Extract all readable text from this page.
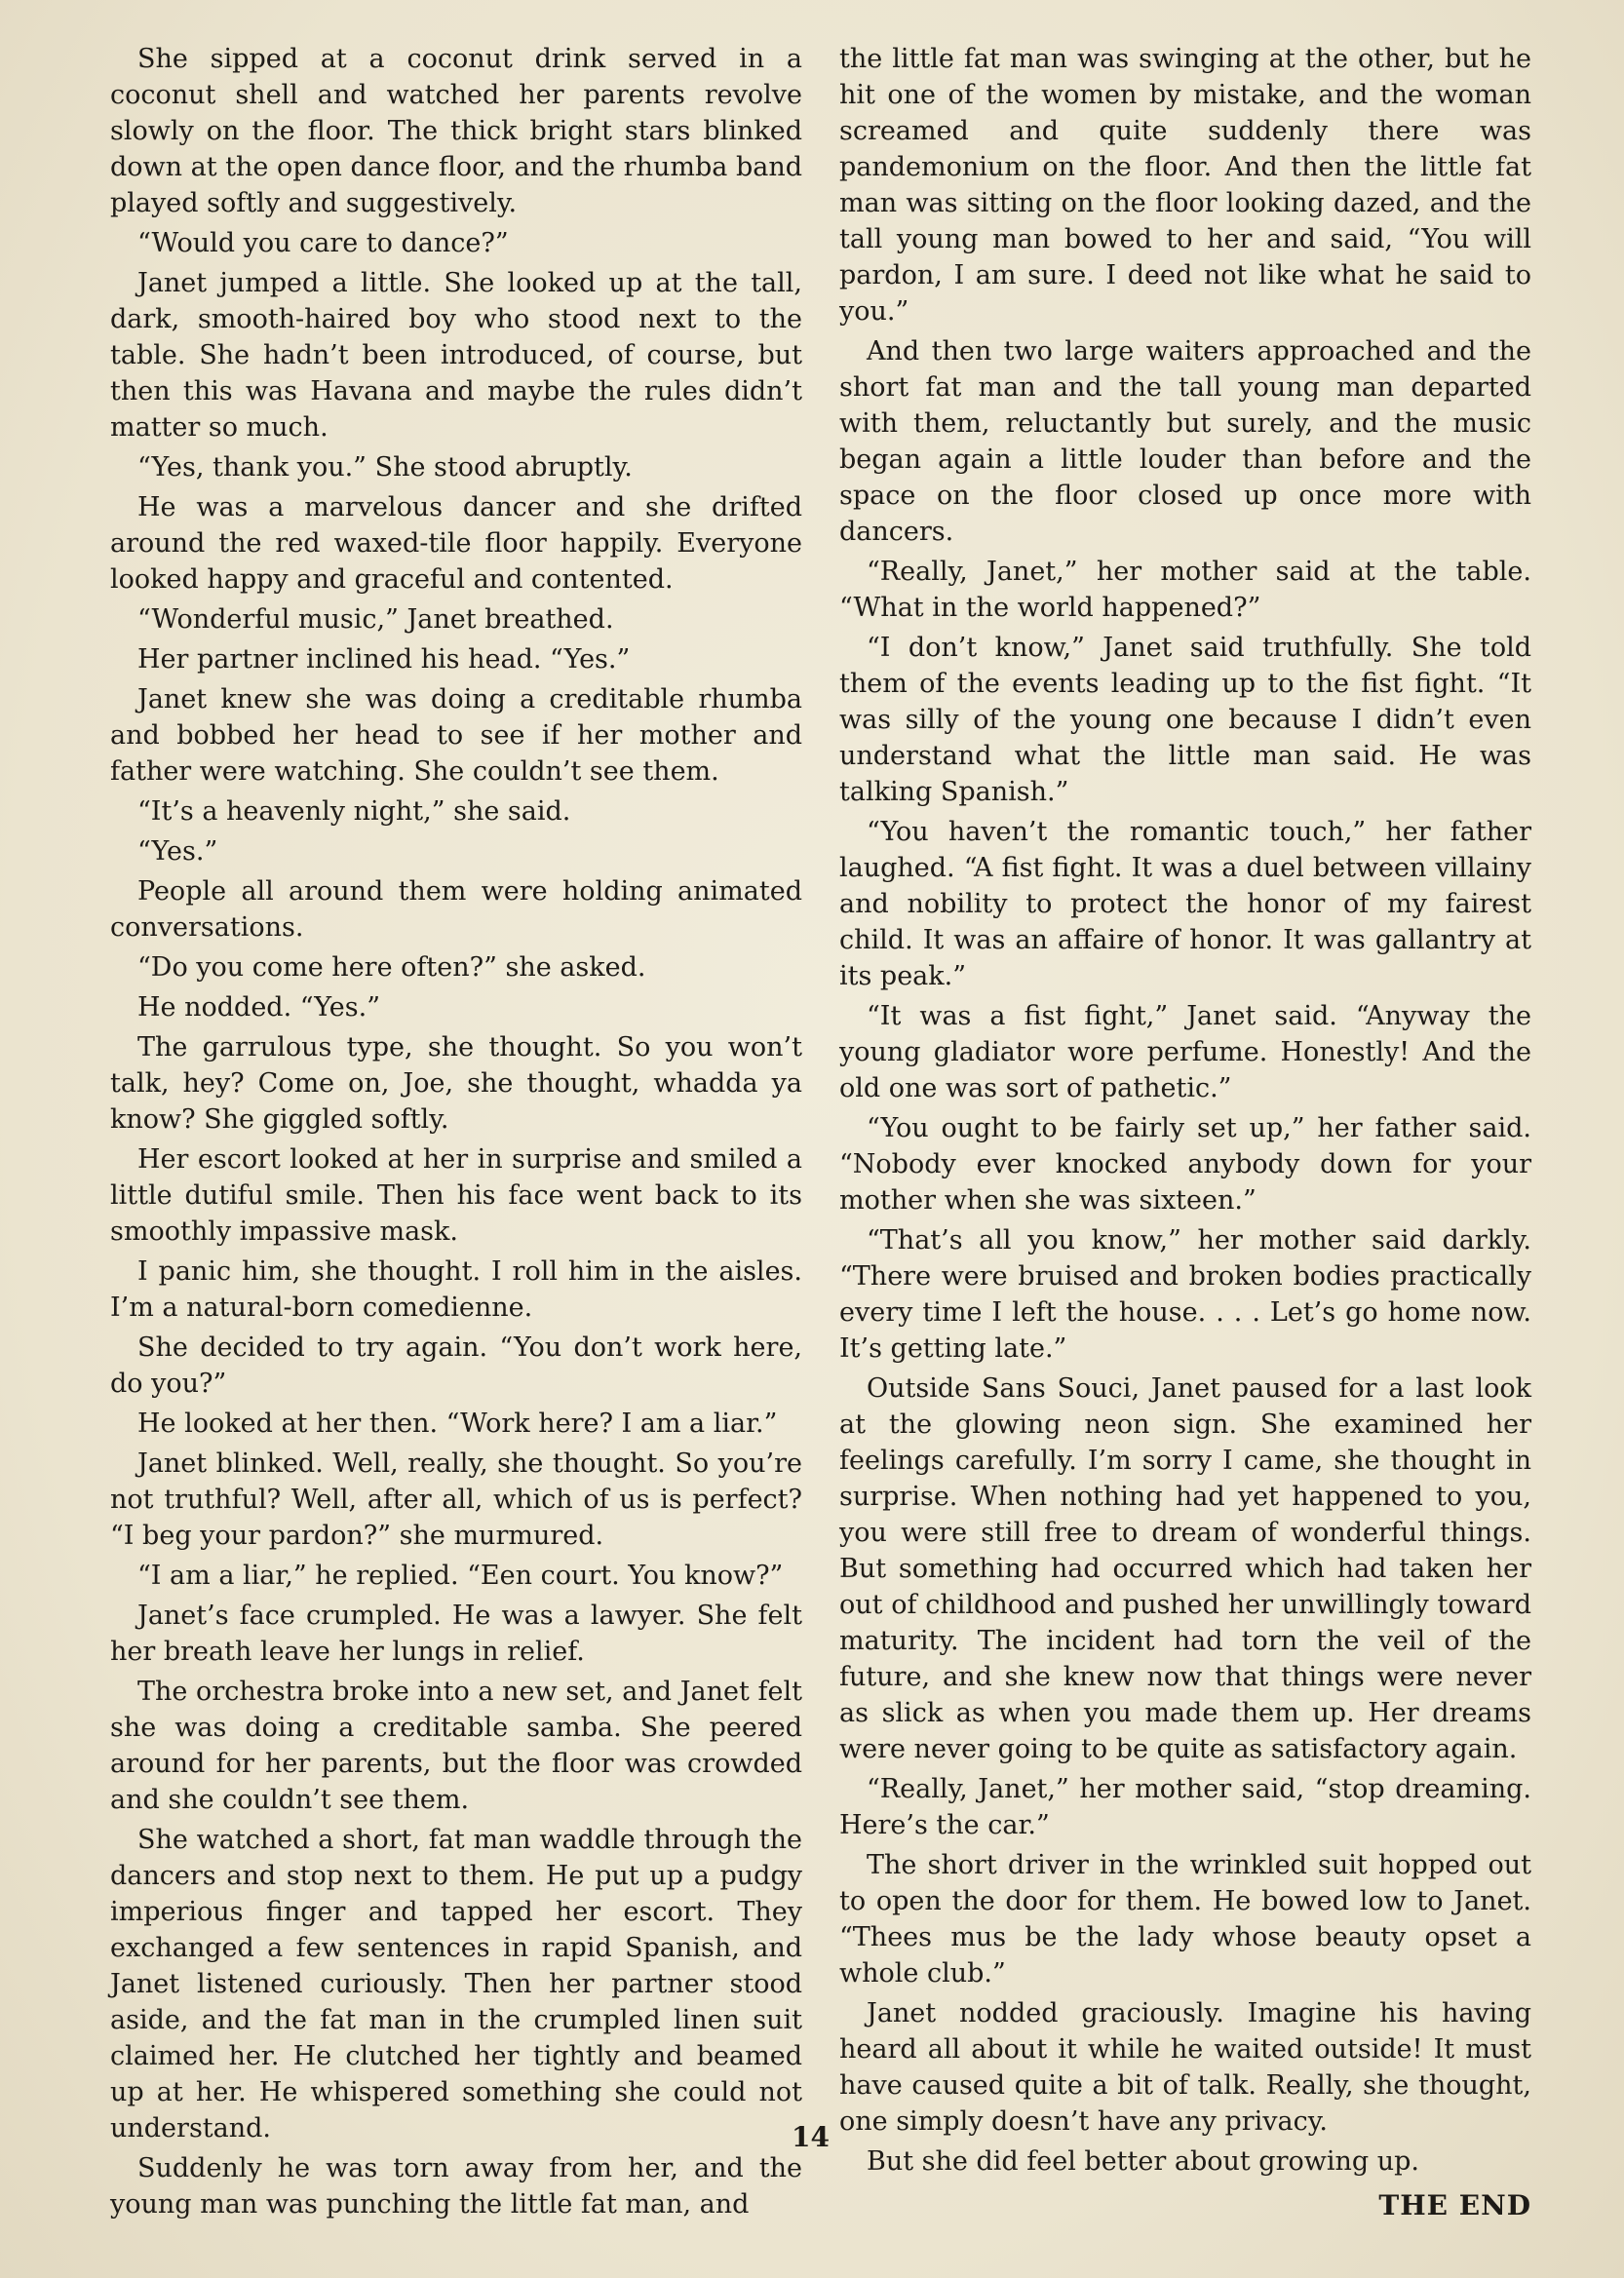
She sipped at a coconut drink served in a coconut shell and watched her parents revolve slowly on the floor. The thick bright stars blinked down at the open dance floor, and the rhumba band played softly and suggestively.

“Would you care to dance?”

Janet jumped a little. She looked up at the tall, dark, smooth-haired boy who stood next to the table. She hadn’t been introduced, of course, but then this was Havana and maybe the rules didn’t matter so much.

“Yes, thank you.” She stood abruptly.

He was a marvelous dancer and she drifted around the red waxed-tile floor happily. Everyone looked happy and graceful and contented.

“Wonderful music,” Janet breathed.

Her partner inclined his head. “Yes.”

Janet knew she was doing a creditable rhumba and bobbed her head to see if her mother and father were watching. She couldn’t see them.

“It’s a heavenly night,” she said.

“Yes.”

People all around them were holding animated conversations.

“Do you come here often?” she asked.

He nodded. “Yes.”

The garrulous type, she thought. So you won’t talk, hey? Come on, Joe, she thought, whadda ya know? She giggled softly.

Her escort looked at her in surprise and smiled a little dutiful smile. Then his face went back to its smoothly impassive mask.

I panic him, she thought. I roll him in the aisles. I’m a natural-born comedienne.

She decided to try again. “You don’t work here, do you?”

He looked at her then. “Work here? I am a liar.”

Janet blinked. Well, really, she thought. So you’re not truthful? Well, after all, which of us is perfect? “I beg your pardon?” she murmured.

“I am a liar,” he replied. “Een court. You know?”

Janet’s face crumpled. He was a lawyer. She felt her breath leave her lungs in relief.

The orchestra broke into a new set, and Janet felt she was doing a creditable samba. She peered around for her parents, but the floor was crowded and she couldn’t see them.

She watched a short, fat man waddle through the dancers and stop next to them. He put up a pudgy imperious finger and tapped her escort. They exchanged a few sentences in rapid Spanish, and Janet listened curiously. Then her partner stood aside, and the fat man in the crumpled linen suit claimed her. He clutched her tightly and beamed up at her. He whispered something she could not understand.

Suddenly he was torn away from her, and the young man was punching the little fat man, and

the little fat man was swinging at the other, but he hit one of the women by mistake, and the woman screamed and quite suddenly there was pandemonium on the floor. And then the little fat man was sitting on the floor looking dazed, and the tall young man bowed to her and said, “You will pardon, I am sure. I deed not like what he said to you.”

And then two large waiters approached and the short fat man and the tall young man departed with them, reluctantly but surely, and the music began again a little louder than before and the space on the floor closed up once more with dancers.

“Really, Janet,” her mother said at the table. “What in the world happened?”

“I don’t know,” Janet said truthfully. She told them of the events leading up to the fist fight. “It was silly of the young one because I didn’t even understand what the little man said. He was talking Spanish.”

“You haven’t the romantic touch,” her father laughed. “A fist fight. It was a duel between villainy and nobility to protect the honor of my fairest child. It was an affaire of honor. It was gallantry at its peak.”

“It was a fist fight,” Janet said. “Anyway the young gladiator wore perfume. Honestly! And the old one was sort of pathetic.”

“You ought to be fairly set up,” her father said. “Nobody ever knocked anybody down for your mother when she was sixteen.”

“That’s all you know,” her mother said darkly. “There were bruised and broken bodies practically every time I left the house. . . . Let’s go home now. It’s getting late.”

Outside Sans Souci, Janet paused for a last look at the glowing neon sign. She examined her feelings carefully. I’m sorry I came, she thought in surprise. When nothing had yet happened to you, you were still free to dream of wonderful things. But something had occurred which had taken her out of childhood and pushed her unwillingly toward maturity. The incident had torn the veil of the future, and she knew now that things were never as slick as when you made them up. Her dreams were never going to be quite as satisfactory again.

“Really, Janet,” her mother said, “stop dreaming. Here’s the car.”

The short driver in the wrinkled suit hopped out to open the door for them. He bowed low to Janet. “Thees mus be the lady whose beauty opset a whole club.”

Janet nodded graciously. Imagine his having heard all about it while he waited outside! It must have caused quite a bit of talk. Really, she thought, one simply doesn’t have any privacy.

But she did feel better about growing up.

THE END
14
